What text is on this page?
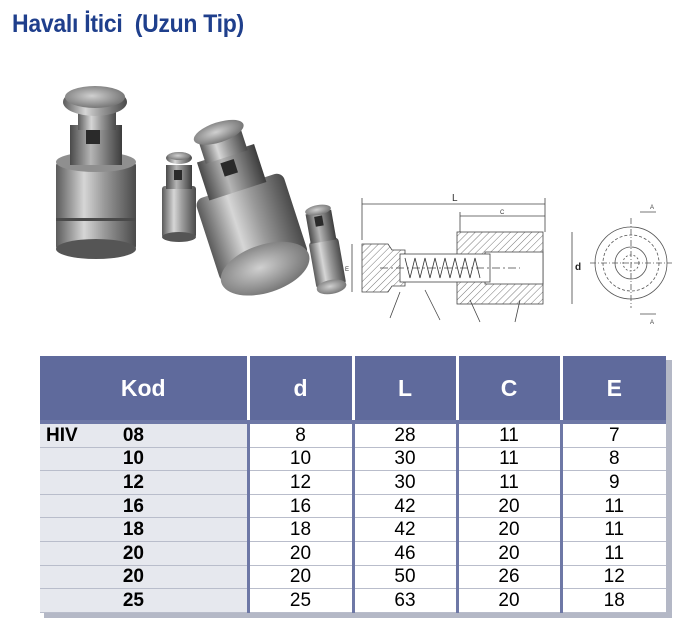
Havalı İtici  (Uzun Tip)
L
C
d
E
A
A
Kod	d	L	C	E
HIV 08	8	28	11	7
10	10	30	11	8
12	12	30	11	9
16	16	42	20	11
18	18	42	20	11
20	20	46	20	11
20	20	50	26	12
25	25	63	20	18
